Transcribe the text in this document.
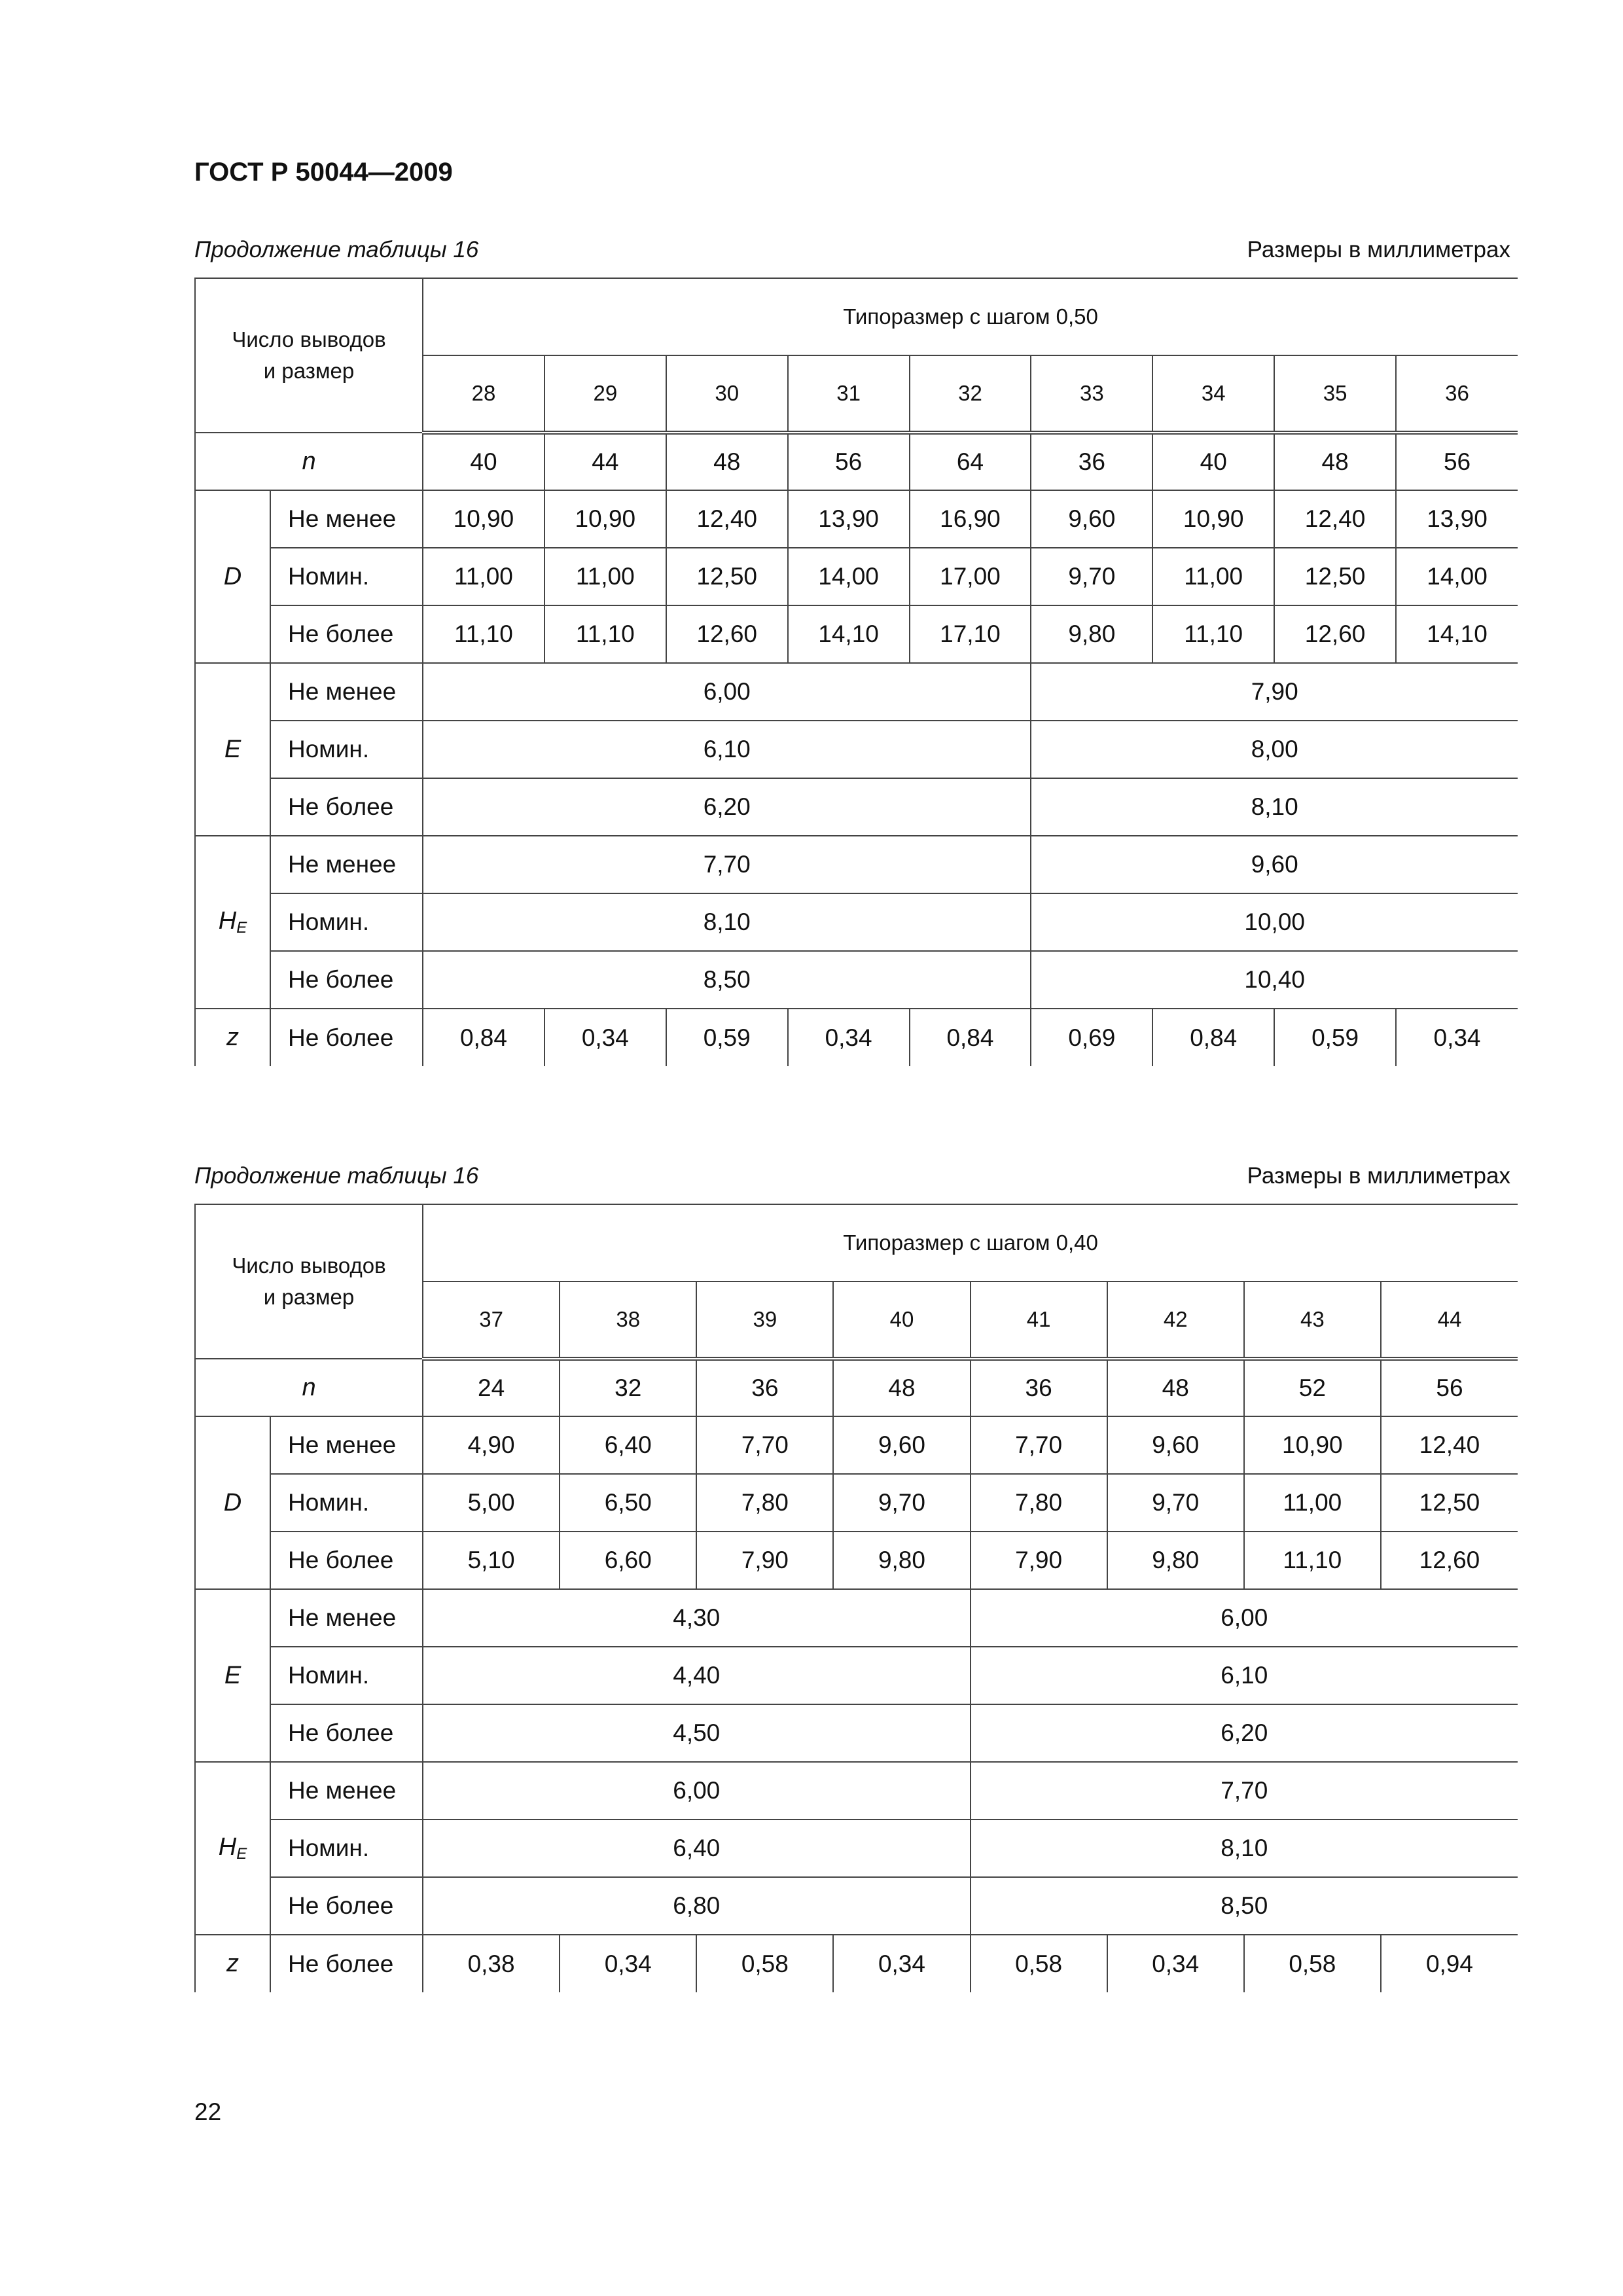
ГОСТ Р 50044—2009
Продолжение таблицы 16	Размеры в миллиметрах
Число выводов
и размер		Типоразмер с шагом 0,50								
		28	29	30	31	32	33	34	35	36
n		40	44	48	56	64	36	40	48	56
D	Не менее	10,90	10,90	12,40	13,90	16,90	9,60	10,90	12,40	13,90
	Номин.	11,00	11,00	12,50	14,00	17,00	9,70	11,00	12,50	14,00
	Не более	11,10	11,10	12,60	14,10	17,10	9,80	11,10	12,60	14,10
E	Не менее	6,00					7,90			
	Номин.	6,10					8,00			
	Не более	6,20					8,10			
$H_E$	Не менее	7,70					9,60			
	Номин.	8,10					10,00			
	Не более	8,50					10,40			
z	Не более	0,84	0,34	0,59	0,34	0,84	0,69	0,84	0,59	0,34
Продолжение таблицы 16	Размеры в миллиметрах
Число выводов
и размер		Типоразмер с шагом 0,40							
		37	38	39	40	41	42	43	44
n		24	32	36	48	36	48	52	56
D	Не менее	4,90	6,40	7,70	9,60	7,70	9,60	10,90	12,40
	Номин.	5,00	6,50	7,80	9,70	7,80	9,70	11,00	12,50
	Не более	5,10	6,60	7,90	9,80	7,90	9,80	11,10	12,60
E	Не менее	4,30				6,00			
	Номин.	4,40				6,10			
	Не более	4,50				6,20			
$H_E$	Не менее	6,00				7,70			
	Номин.	6,40				8,10			
	Не более	6,80				8,50			
z	Не более	0,38	0,34	0,58	0,34	0,58	0,34	0,58	0,94
22
